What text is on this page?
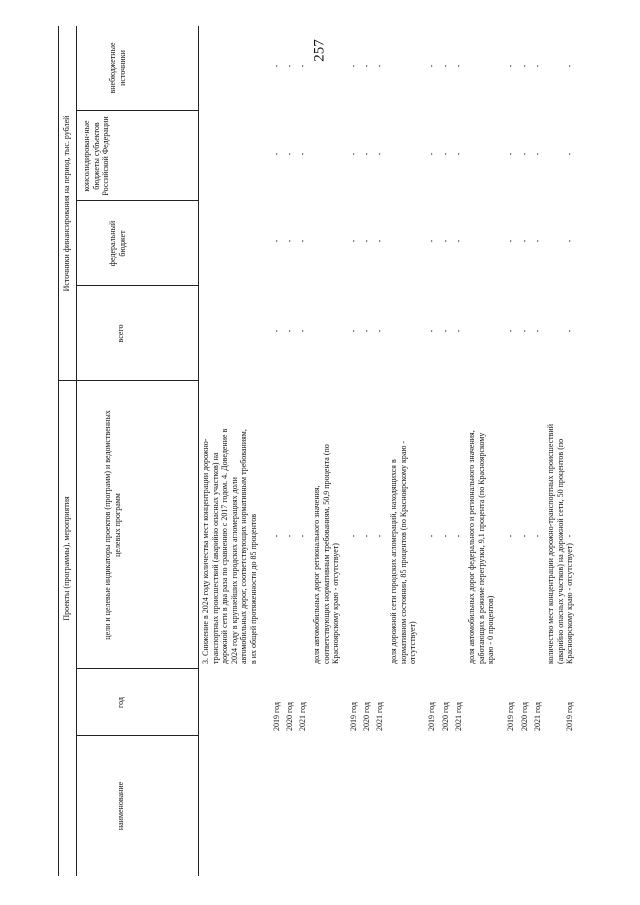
257
Проекты (программы), мероприятия
Источники финансирования на период, тыс. рублей
наименование
год
цели и целевые индикаторы проектов (программ) и ведомственных целевых программ
всего
федеральный бюджет
консолидирован-ные бюджеты субъектов Российской Федерации
внебюджетные источники
3. Снижение в 2024 году количества мест концентрации дорожно-транспортных происшествий (аварийно опасных участков) на дорожной сети в два раза по сравнению с 2017 годом. 4. Доведение в 2024 году в крупнейших городских агломерациях доли автомобильных дорог, соответствующих нормативным требованиям, в их общей протяженности до 85 процентов
2019 год 2020 год 2021 год
доля автомобильных дорог регионального значения, соответствующих нормативным требованиям, 50,9 процента (по Красноярскому краю - отсутствует)
2019 год 2020 год 2021 год
доля дорожной сети городских агломераций, находящихся в нормативном состоянии, 85 процентов (по Красноярскому краю - отсутствует)
2019 год 2020 год 2021 год
доля автомобильных дорог федерального и регионального значения, работающих в режиме перегрузки, 9,1 процента (по Красноярскому краю - 0 процентов)
2019 год 2020 год 2021 год
количество мест концентрации дорожно-транспортных происшествий (аварийно опасных участков) на дорожной сети, 50 процентов (по Красноярскому краю - отсутствует)
2019 год
-
-
-
-
-
-
-
-
-
-
-
-
-
-
-
-
-
-
-
-
-
-
-
-
-
-
-
-
-
-
-
-
-
-
-
-
-
-
-
-
-
-
-
-
-
-
-
-
-
-
-
-
-
-
-
-
-
-
-
-
-
-
-
-
-
